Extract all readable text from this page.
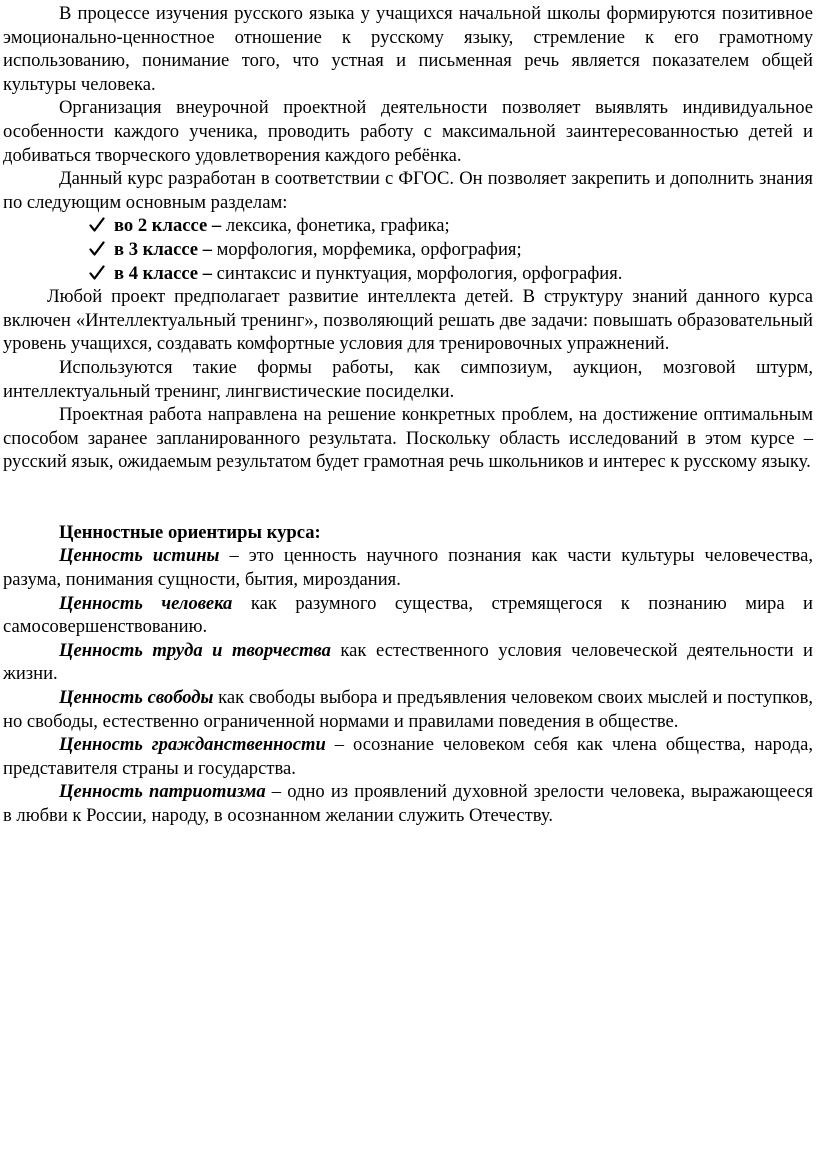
В процессе изучения русского языка у учащихся начальной школы формируются позитивное эмоционально-ценностное отношение к русскому языку, стремление к его грамотному использованию, понимание того, что устная и письменная речь является показателем общей культуры человека.

Организация внеурочной проектной деятельности позволяет выявлять индивидуальное особенности каждого ученика, проводить работу с максимальной заинтересованностью детей и добиваться творческого удовлетворения каждого ребёнка.

Данный курс разработан в соответствии с ФГОС. Он позволяет закрепить и дополнить знания по следующим основным разделам:

во 2 классе – лексика, фонетика, графика;
в 3 классе – морфология, морфемика, орфография;
в 4 классе – синтаксис и пунктуация, морфология, орфография.

Любой проект предполагает развитие интеллекта детей. В структуру знаний данного курса включен «Интеллектуальный тренинг», позволяющий решать две задачи: повышать образовательный уровень учащихся, создавать комфортные условия для тренировочных упражнений.

Используются такие формы работы, как симпозиум, аукцион, мозговой штурм, интеллектуальный тренинг, лингвистические посиделки.

Проектная работа направлена на решение конкретных проблем, на достижение оптимальным способом заранее запланированного результата. Поскольку область исследований в этом курсе – русский язык, ожидаемым результатом будет грамотная речь школьников и интерес к русскому языку.

Ценностные ориентиры курса:

Ценность истины – это ценность научного познания как части культуры человечества, разума, понимания сущности, бытия, мироздания.

Ценность человека как разумного существа, стремящегося к познанию мира и самосовершенствованию.

Ценность труда и творчества как естественного условия человеческой деятельности и жизни.

Ценность свободы как свободы выбора и предъявления человеком своих мыслей и поступков, но свободы, естественно ограниченной нормами и правилами поведения в обществе.

Ценность гражданственности – осознание человеком себя как члена общества, народа, представителя страны и государства.

Ценность патриотизма – одно из проявлений духовной зрелости человека, выражающееся в любви к России, народу, в осознанном желании служить Отечеству.
